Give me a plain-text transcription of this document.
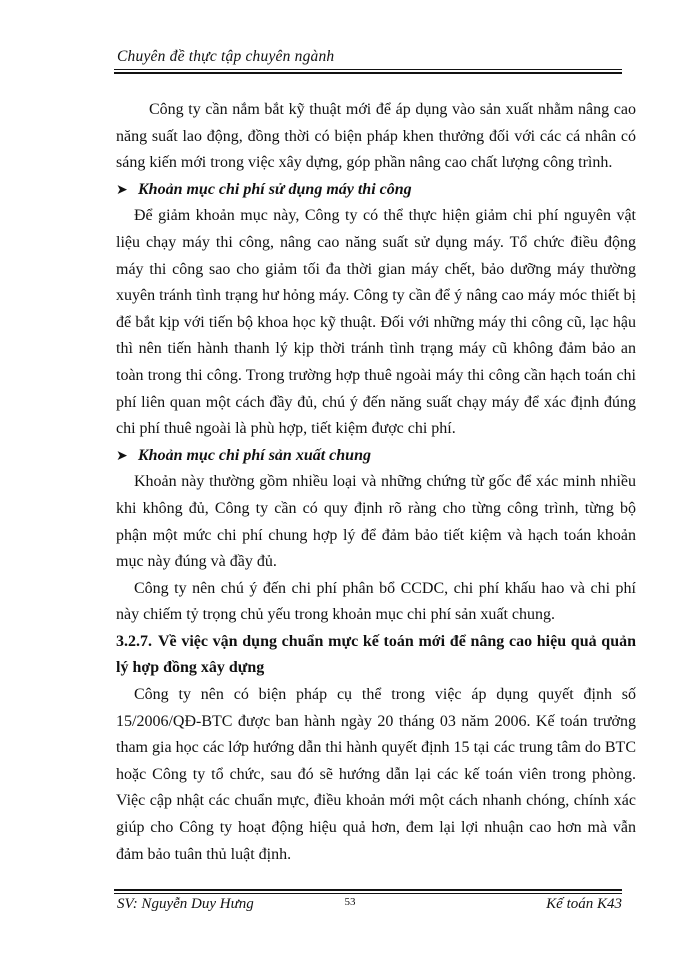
Chuyên đề thực tập chuyên ngành

Công ty cần nắm bắt kỹ thuật mới để áp dụng vào sản xuất nhằm nâng cao năng suất lao động, đồng thời có biện pháp khen thưởng đối với các cá nhân có sáng kiến mới trong việc xây dựng, góp phần nâng cao chất lượng công trình.

➤ Khoản mục chi phí sử dụng máy thi công

Để giảm khoản mục này, Công ty có thể thực hiện giảm chi phí nguyên vật liệu chạy máy thi công, nâng cao năng suất sử dụng máy. Tổ chức điều động máy thi công sao cho giảm tối đa thời gian máy chết, bảo dưỡng máy thường xuyên tránh tình trạng hư hỏng máy. Công ty cần để ý nâng cao máy móc thiết bị để bắt kịp với tiến bộ khoa học kỹ thuật. Đối với những máy thi công cũ, lạc hậu thì nên tiến hành thanh lý kịp thời tránh tình trạng máy cũ không đảm bảo an toàn trong thi công. Trong trường hợp thuê ngoài máy thi công cần hạch toán chi phí liên quan một cách đầy đủ, chú ý đến năng suất chạy máy để xác định đúng chi phí thuê ngoài là phù hợp, tiết kiệm được chi phí.

➤ Khoản mục chi phí sản xuất chung

Khoản này thường gồm nhiều loại và những chứng từ gốc để xác minh nhiều khi không đủ, Công ty cần có quy định rõ ràng cho từng công trình, từng bộ phận một mức chi phí chung hợp lý để đảm bảo tiết kiệm và hạch toán khoản mục này đúng và đầy đủ.

Công ty nên chú ý đến chi phí phân bổ CCDC, chi phí khấu hao và chi phí này chiếm tỷ trọng chủ yếu trong khoản mục chi phí sản xuất chung.

3.2.7. Về việc vận dụng chuẩn mực kế toán mới để nâng cao hiệu quả quản lý hợp đồng xây dựng

Công ty nên có biện pháp cụ thể trong việc áp dụng quyết định số 15/2006/QĐ-BTC được ban hành ngày 20 tháng 03 năm 2006. Kế toán trưởng tham gia học các lớp hướng dẫn thi hành quyết định 15 tại các trung tâm do BTC hoặc Công ty tổ chức, sau đó sẽ hướng dẫn lại các kế toán viên trong phòng. Việc cập nhật các chuẩn mực, điều khoản mới một cách nhanh chóng, chính xác giúp cho Công ty hoạt động hiệu quả hơn, đem lại lợi nhuận cao hơn mà vẫn đảm bảo tuân thủ luật định.

SV: Nguyễn Duy Hưng	53	Kế toán K43
